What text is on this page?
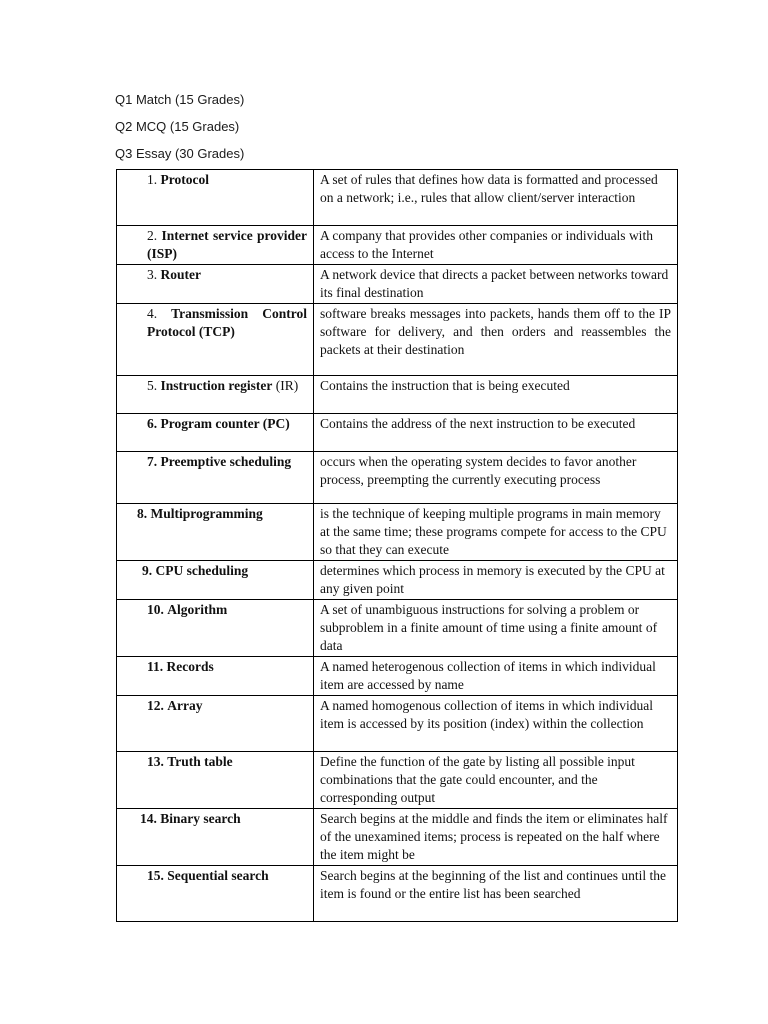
Q1 Match (15 Grades)
Q2 MCQ (15 Grades)
Q3 Essay (30 Grades)
1. Protocol	A set of rules that defines how data is formatted and processed on a network; i.e., rules that allow client/server interaction
2. Internet service provider (ISP)	A company that provides other companies or individuals with access to the Internet
3. Router	A network device that directs a packet between networks toward its final destination
4. Transmission Control Protocol (TCP)	software breaks messages into packets, hands them off to the IP software for delivery, and then orders and reassembles the packets at their destination
5. Instruction register (IR)	Contains the instruction that is being executed
6. Program counter (PC)	Contains the address of the next instruction to be executed
7. Preemptive scheduling	occurs when the operating system decides to favor another process, preempting the currently executing process
8. Multiprogramming	is the technique of keeping multiple programs in main memory at the same time; these programs compete for access to the CPU so that they can execute
9. CPU scheduling	determines which process in memory is executed by the CPU at any given point
10. Algorithm	A set of unambiguous instructions for solving a problem or subproblem in a finite amount of time using a finite amount of data
11. Records	A named heterogenous collection of items in which individual item are accessed by name
12. Array	A named homogenous collection of items in which individual item is accessed by its position (index) within the collection
13. Truth table	Define the function of the gate by listing all possible input combinations that the gate could encounter, and the corresponding output
14. Binary search	Search begins at the middle and finds the item or eliminates half of the unexamined items; process is repeated on the half where the item might be
15. Sequential search	Search begins at the beginning of the list and continues until the item is found or the entire list has been searched
